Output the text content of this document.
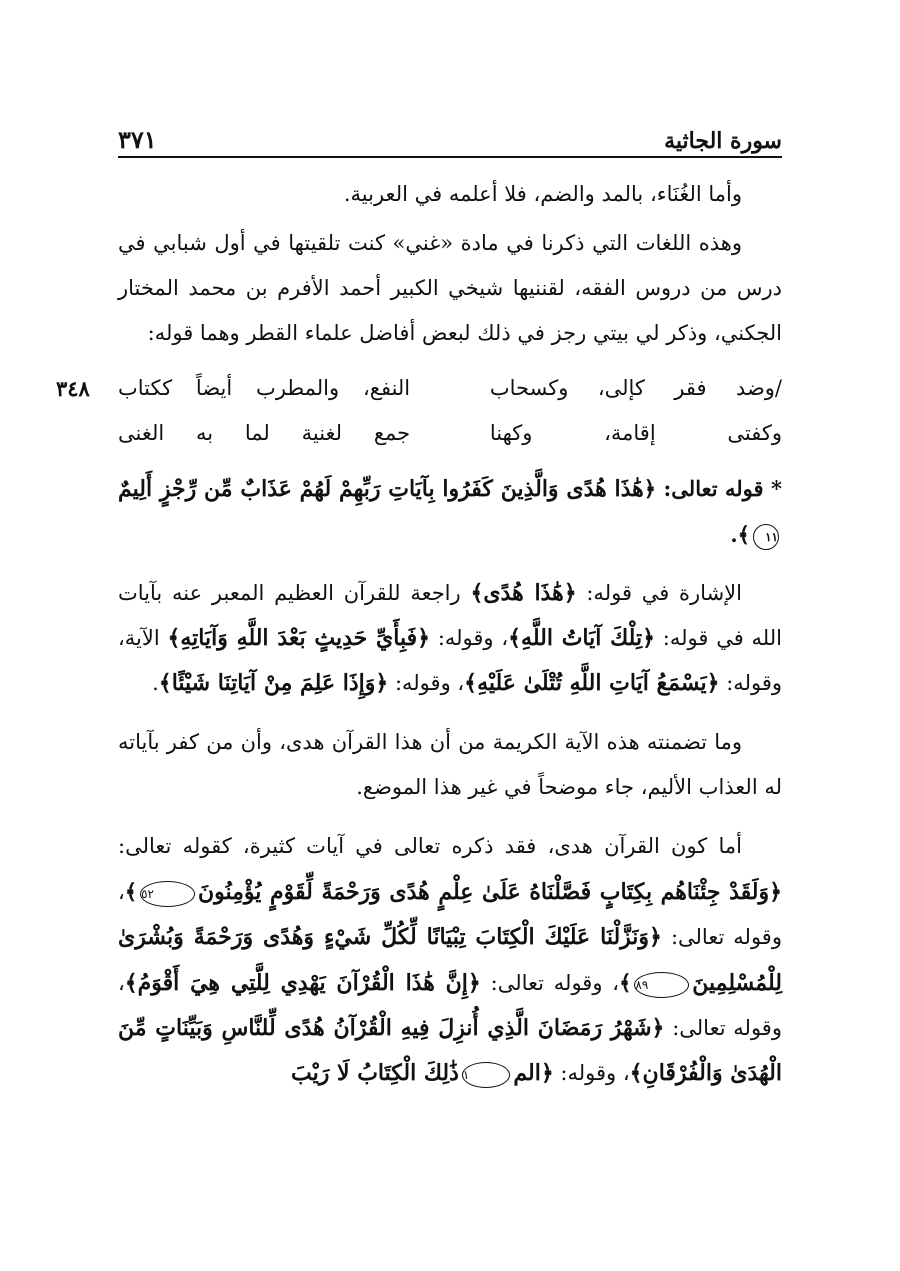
سورة الجاثية
٣٧١

وأما الغُنَاء، بالمد والضم، فلا أعلمه في العربية.

وهذه اللغات التي ذكرنا في مادة «غني» كنت تلقيتها في أول شبابي في درس من دروس الفقه، لقننيها شيخي الكبير أحمد الأفرم بن محمد المختار الجكني، وذكر لي بيتي رجز في ذلك لبعض أفاضل علماء القطر وهما قوله:

٣٤٨	/وضد فقر كإلى، وكسحاب
النفع، والمطرب أيضاً ككتاب
وكفتى إقامة، وكهنا
جمع لغنية لما به الغنى

* قوله تعالى: ﴿هَٰذَا هُدًى وَالَّذِينَ كَفَرُوا بِآيَاتِ رَبِّهِمْ لَهُمْ عَذَابٌ مِّن رِّجْزٍ أَلِيمٌ١١﴾.

الإشارة في قوله: ﴿هَٰذَا هُدًى﴾ راجعة للقرآن العظيم المعبر عنه بآيات الله في قوله: ﴿تِلْكَ آيَاتُ اللَّهِ﴾، وقوله: ﴿فَبِأَيِّ حَدِيثٍ بَعْدَ اللَّهِ وَآيَاتِهِ﴾ الآية، وقوله: ﴿يَسْمَعُ آيَاتِ اللَّهِ تُتْلَىٰ عَلَيْهِ﴾، وقوله: ﴿وَإِذَا عَلِمَ مِنْ آيَاتِنَا شَيْئًا﴾.

وما تضمنته هذه الآية الكريمة من أن هذا القرآن هدى، وأن من كفر بآياته له العذاب الأليم، جاء موضحاً في غير هذا الموضع.

أما كون القرآن هدى، فقد ذكره تعالى في آيات كثيرة، كقوله تعالى: ﴿وَلَقَدْ جِئْنَاهُم بِكِتَابٍ فَصَّلْنَاهُ عَلَىٰ عِلْمٍ هُدًى وَرَحْمَةً لِّقَوْمٍ يُؤْمِنُونَ٥٢﴾، وقوله تعالى: ﴿وَنَزَّلْنَا عَلَيْكَ الْكِتَابَ تِبْيَانًا لِّكُلِّ شَيْءٍ وَهُدًى وَرَحْمَةً وَبُشْرَىٰ لِلْمُسْلِمِينَ٨٩﴾، وقوله تعالى: ﴿إِنَّ هَٰذَا الْقُرْآنَ يَهْدِي لِلَّتِي هِيَ أَقْوَمُ﴾، وقوله تعالى: ﴿شَهْرُ رَمَضَانَ الَّذِي أُنزِلَ فِيهِ الْقُرْآنُ هُدًى لِّلنَّاسِ وَبَيِّنَاتٍ مِّنَ الْهُدَىٰ وَالْفُرْقَانِ﴾، وقوله: ﴿الم١ذَٰلِكَ الْكِتَابُ لَا رَيْبَ
